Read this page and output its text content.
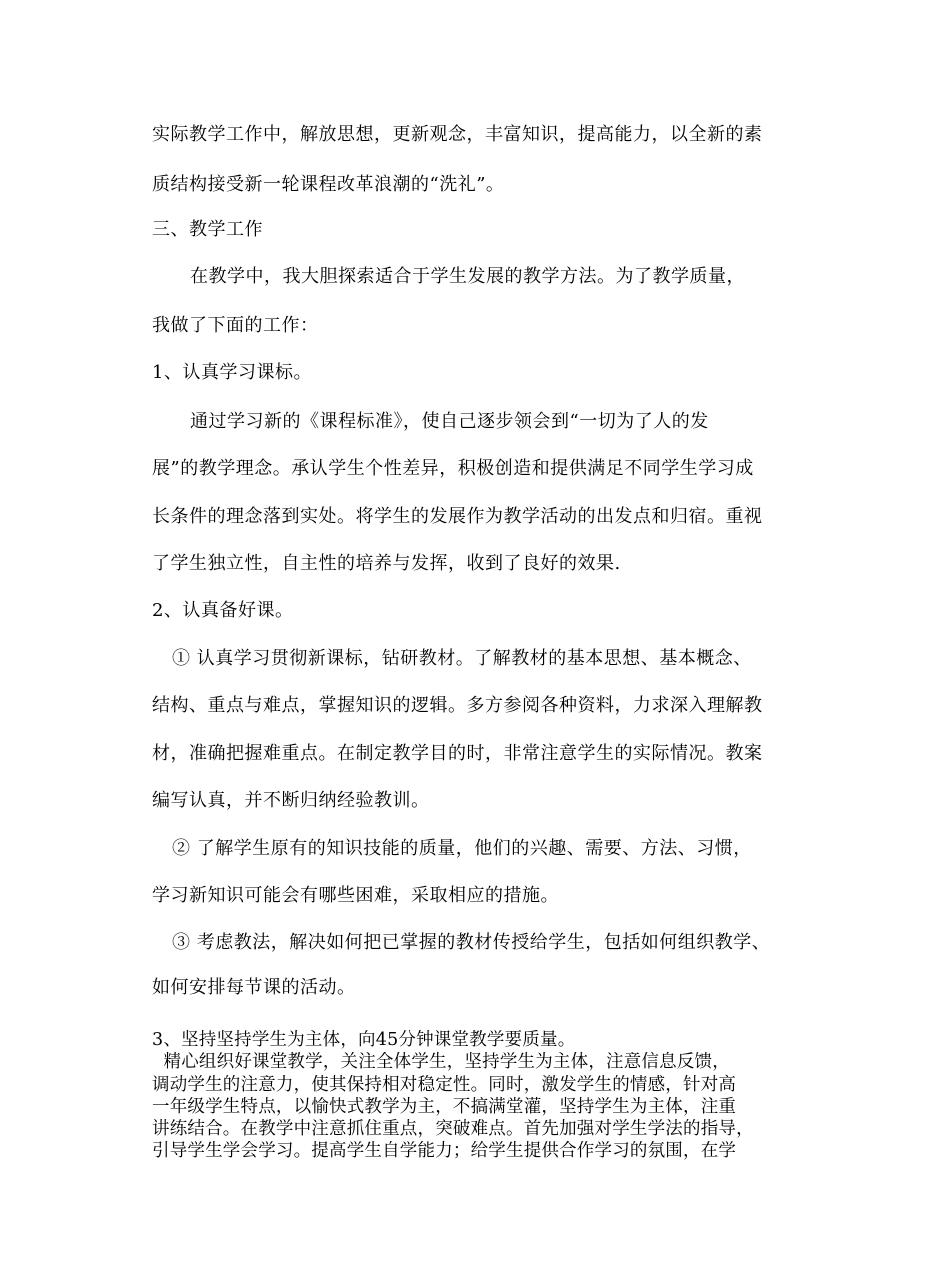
实际教学工作中，解放思想，更新观念，丰富知识，提高能力，以全新的素
质结构接受新一轮课程改革浪潮的“洗礼”。
三、教学工作
在教学中，我大胆探索适合于学生发展的教学方法。为了教学质量，
我做了下面的工作：
1、认真学习课标。
通过学习新的《课程标准》，使自己逐步领会到“一切为了人的发
展”的教学理念。承认学生个性差异，积极创造和提供满足不同学生学习成
长条件的理念落到实处。将学生的发展作为教学活动的出发点和归宿。重视
了学生独立性，自主性的培养与发挥，收到了良好的效果.
2、认真备好课。
① 认真学习贯彻新课标，钻研教材。了解教材的基本思想、基本概念、
结构、重点与难点，掌握知识的逻辑。多方参阅各种资料，力求深入理解教
材，准确把握难重点。在制定教学目的时，非常注意学生的实际情况。教案
编写认真，并不断归纳经验教训。
② 了解学生原有的知识技能的质量，他们的兴趣、需要、方法、习惯，
学习新知识可能会有哪些困难，采取相应的措施。
③ 考虑教法，解决如何把已掌握的教材传授给学生，包括如何组织教学、
如何安排每节课的活动。
3、坚持坚持学生为主体，向45分钟课堂教学要质量。
精心组织好课堂教学，关注全体学生，坚持学生为主体，注意信息反馈，
调动学生的注意力，使其保持相对稳定性。同时，激发学生的情感，针对高
一年级学生特点，以愉快式教学为主，不搞满堂灌，坚持学生为主体，注重
讲练结合。在教学中注意抓住重点，突破难点。首先加强对学生学法的指导，
引导学生学会学习。提高学生自学能力；给学生提供合作学习的氛围，在学
